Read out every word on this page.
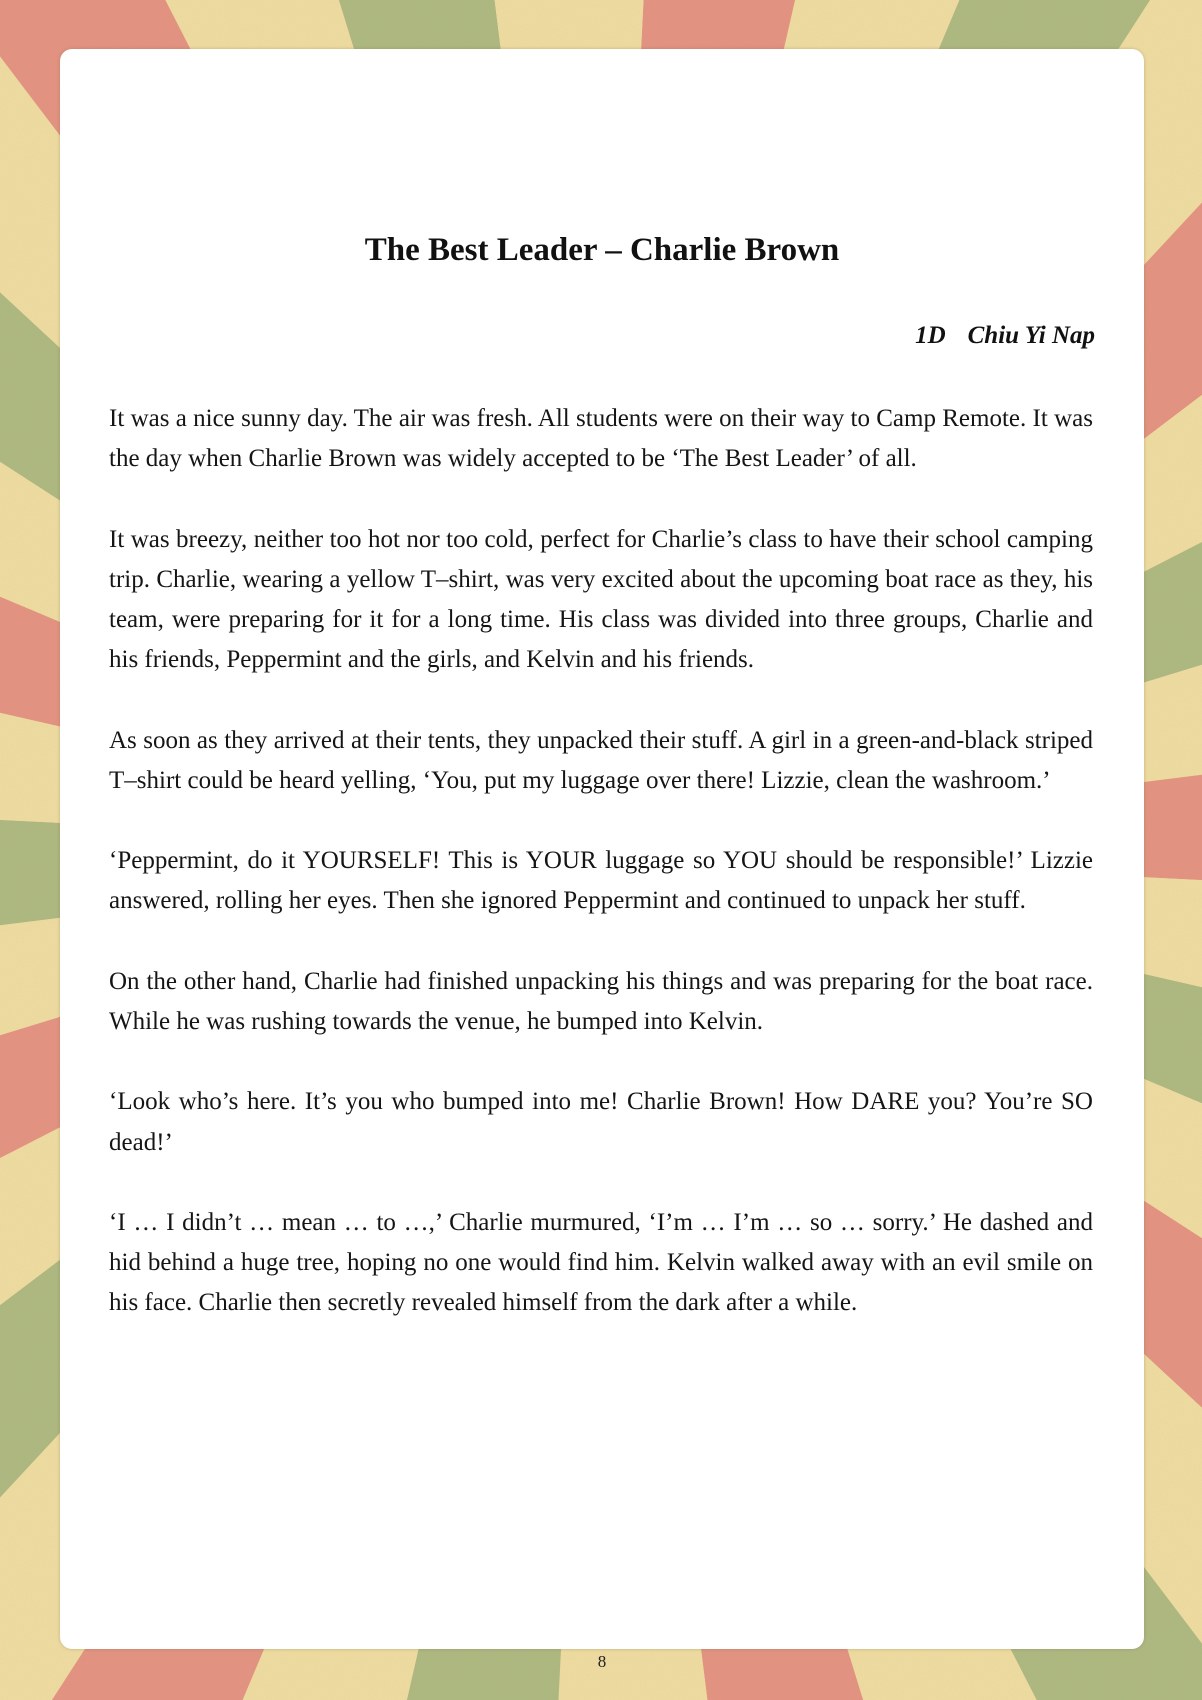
The Best Leader – Charlie Brown
1D Chiu Yi Nap

It was a nice sunny day. The air was fresh. All students were on their way to Camp Remote. It was the day when Charlie Brown was widely accepted to be ‘The Best Leader’ of all.

It was breezy, neither too hot nor too cold, perfect for Charlie’s class to have their school camping trip. Charlie, wearing a yellow T–shirt, was very excited about the upcoming boat race as they, his team, were preparing for it for a long time. His class was divided into three groups, Charlie and his friends, Peppermint and the girls, and Kelvin and his friends.

As soon as they arrived at their tents, they unpacked their stuff. A girl in a green-and-black striped T–shirt could be heard yelling, ‘You, put my luggage over there! Lizzie, clean the washroom.’

‘Peppermint, do it YOURSELF! This is YOUR luggage so YOU should be responsible!’ Lizzie answered, rolling her eyes. Then she ignored Peppermint and continued to unpack her stuff.

On the other hand, Charlie had finished unpacking his things and was preparing for the boat race. While he was rushing towards the venue, he bumped into Kelvin.

‘Look who’s here. It’s you who bumped into me! Charlie Brown! How DARE you? You’re SO dead!’

‘I … I didn’t … mean … to …,’ Charlie murmured, ‘I’m … I’m … so … sorry.’ He dashed and hid behind a huge tree, hoping no one would find him. Kelvin walked away with an evil smile on his face. Charlie then secretly revealed himself from the dark after a while.

8
